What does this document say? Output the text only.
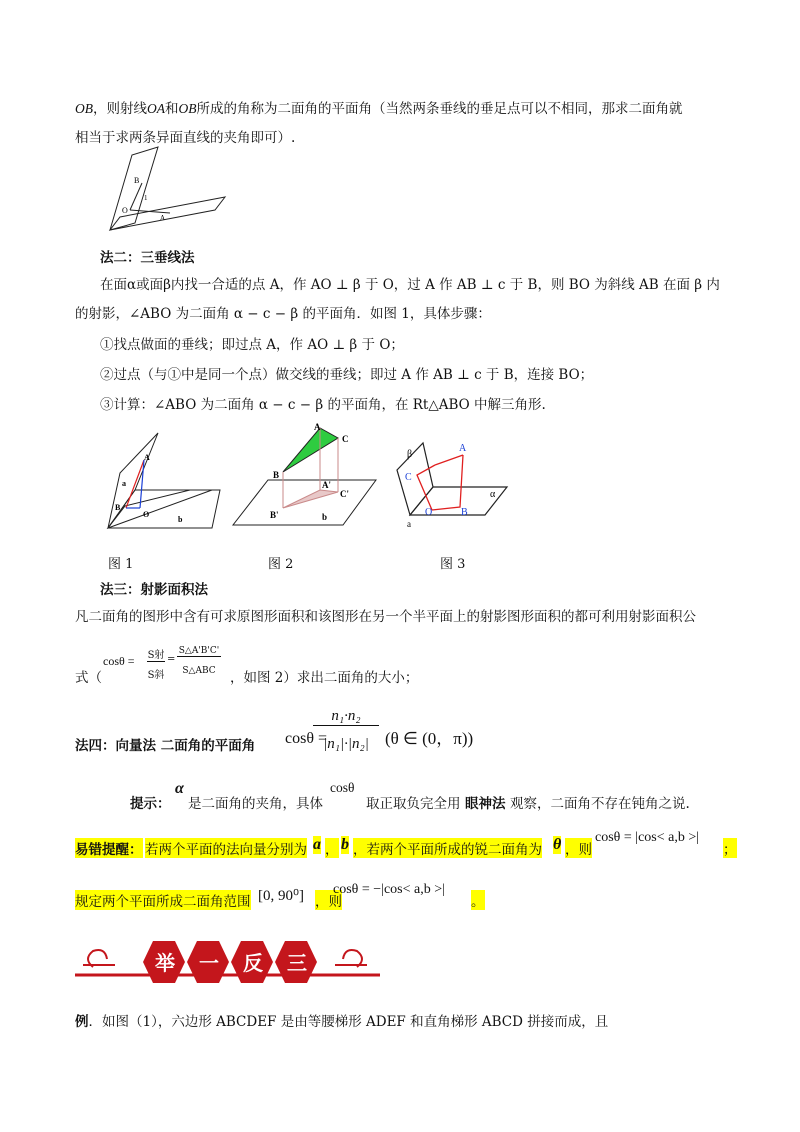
OB，则射线OA和OB所成的角称为二面角的平面角（当然两条垂线的垂足点可以不相同，那求二面角就
相当于求两条异面直线的夹角即可）.
B
1
O
A
法二：三垂线法
在面α或面β内找一合适的点 A，作 AO ⊥ β 于 O，过 A 作 AB ⊥ c 于 B，则 BO 为斜线 AB 在面 β 内
的射影，∠ABO 为二面角 α − c − β 的平面角．如图 1，具体步骤：
①找点做面的垂线；即过点 A，作 AO ⊥ β 于 O；
②过点（与①中是同一个点）做交线的垂线；即过 A 作 AB ⊥ c 于 B，连接 BO；
③计算：∠ABO 为二面角 α − c − β 的平面角，在 Rt△ABO 中解三角形.
A
a
B
O
b
A
C
B
A'
C'
B'	b
β
A
C
O	B
α
a
图 1	图 2	图 3
法三：射影面积法
凡二面角的图形中含有可求原图形面积和该图形在另一个半平面上的射影图形面积的都可利用射影面积公
式（
cosθ = S射
S斜
=
S△A'B'C'
S△ABC	，如图 2）求出二面角的大小；
法四：向量法 二面角的平面角 cosθ =
n₁·n₂
|n₁|·|n₂| (θ ∈ (0，π))
提示：
α
是二面角的夹角，具体
cosθ
取正取负完全用 眼神法 观察，二面角不存在钝角之说.
易错提醒： 若两个平面的法向量分别为 a ， b ，若两个平面所成的锐二面角为 θ ，则
cosθ = |cos< a,b >|
；
规定两个平面所成二面角范围 [0, 90⁰] ，则
cosθ = −|cos< a,b >|
。
举	一	反	三
例．如图（1），六边形 ABCDEF 是由等腰梯形 ADEF 和直角梯形 ABCD 拼接而成，且
